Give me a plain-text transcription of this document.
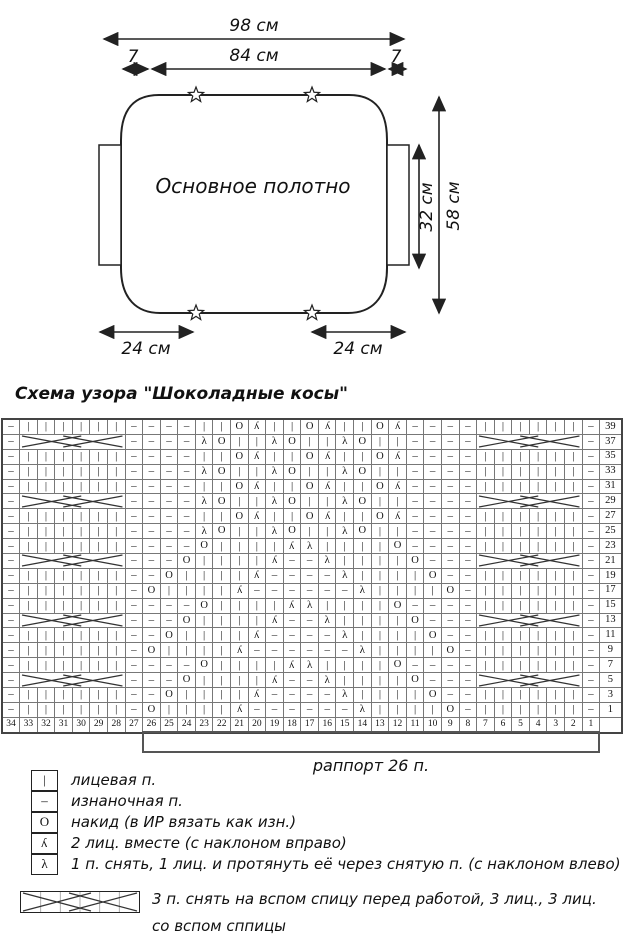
98 см
7	84 см	7
24 см	24 см
32 см 58 см
Основное полотно
Схема узора "Шоколадные косы"
–	|	|	|	|	|	|	–	–	–	–	|	|	О	λ	|	|	О	λ	|	|	О	λ	–	–	–	–	|	|	|	|	|	|	–	39
–							–	–	–	–	λ	О	|	|	λ	О	|	|	λ	О	|	|	–	–	–	–							–	37
–	|	|	|	|	|	|	–	–	–	–	|	|	О	λ	|	|	О	λ	|	|	О	λ	–	–	–	–	|	|	|	|	|	|	–	35
–	|	|	|	|	|	|	–	–	–	–	λ	О	|	|	λ	О	|	|	λ	О	|	|	–	–	–	–	|	|	|	|	|	|	–	33
–	|	|	|	|	|	|	–	–	–	–	|	|	О	λ	|	|	О	λ	|	|	О	λ	–	–	–	–	|	|	|	|	|	|	–	31
–							–	–	–	–	λ	О	|	|	λ	О	|	|	λ	О	|	|	–	–	–	–							–	29
–	|	|	|	|	|	|	–	–	–	–	|	|	О	λ	|	|	О	λ	|	|	О	λ	–	–	–	–	|	|	|	|	|	|	–	27
–	|	|	|	|	|	|	–	–	–	–	λ	О	|	|	λ	О	|	|	λ	О	|	|	–	–	–	–	|	|	|	|	|	|	–	25
–	|	|	|	|	|	|	–	–	–	–	О	|	|	|	|	λ	λ	|	|	|	|	О	–	–	–	–	|	|	|	|	|	|	–	23
–							–	–	–	О	|	|	|	|	λ	–	–	λ	|	|	|	|	О	–	–	–							–	21
–	|	|	|	|	|	|	–	–	О	|	|	|	|	λ	–	–	–	–	λ	|	|	|	|	О	–	–	|	|	|	|	|	|	–	19
–	|	|	|	|	|	|	–	О	|	|	|	|	λ	–	–	–	–	–	–	λ	|	|	|	|	О	–	|	|	|	|	|	|	–	17
–	|	|	|	|	|	|	–	–	–	–	О	|	|	|	|	λ	λ	|	|	|	|	О	–	–	–	–	|	|	|	|	|	|	–	15
–							–	–	–	О	|	|	|	|	λ	–	–	λ	|	|	|	|	О	–	–	–							–	13
–	|	|	|	|	|	|	–	–	О	|	|	|	|	λ	–	–	–	–	λ	|	|	|	|	О	–	–	|	|	|	|	|	|	–	11
–	|	|	|	|	|	|	–	О	|	|	|	|	λ	–	–	–	–	–	–	λ	|	|	|	|	О	–	|	|	|	|	|	|	–	9
–	|	|	|	|	|	|	–	–	–	–	О	|	|	|	|	λ	λ	|	|	|	|	О	–	–	–	–	|	|	|	|	|	|	–	7
–							–	–	–	О	|	|	|	|	λ	–	–	λ	|	|	|	|	О	–	–	–							–	5
–	|	|	|	|	|	|	–	–	О	|	|	|	|	λ	–	–	–	–	λ	|	|	|	|	О	–	–	|	|	|	|	|	|	–	3
–	|	|	|	|	|	|	–	О	|	|	|	|	λ	–	–	–	–	–	–	λ	|	|	|	|	О	–	|	|	|	|	|	|	–	1
34	33	32	31	30	29	28	27	26	25	24	23	22	21	20	19	18	17	16	15	14	13	12	11	10	9	8	7	6	5	4	3	2	1	
раппорт 26 п.
| лицевая п.
– изнаночная п.
О накид (в ИР вязать как изн.)
λ 2 лиц. вместе (с наклоном вправо)
λ 1 п. снять, 1 лиц. и протянуть её через снятую п. (с наклоном влево)
3 п. снять на вспом спицу перед работой, 3 лиц., 3 лиц.
со вспом сппицы
